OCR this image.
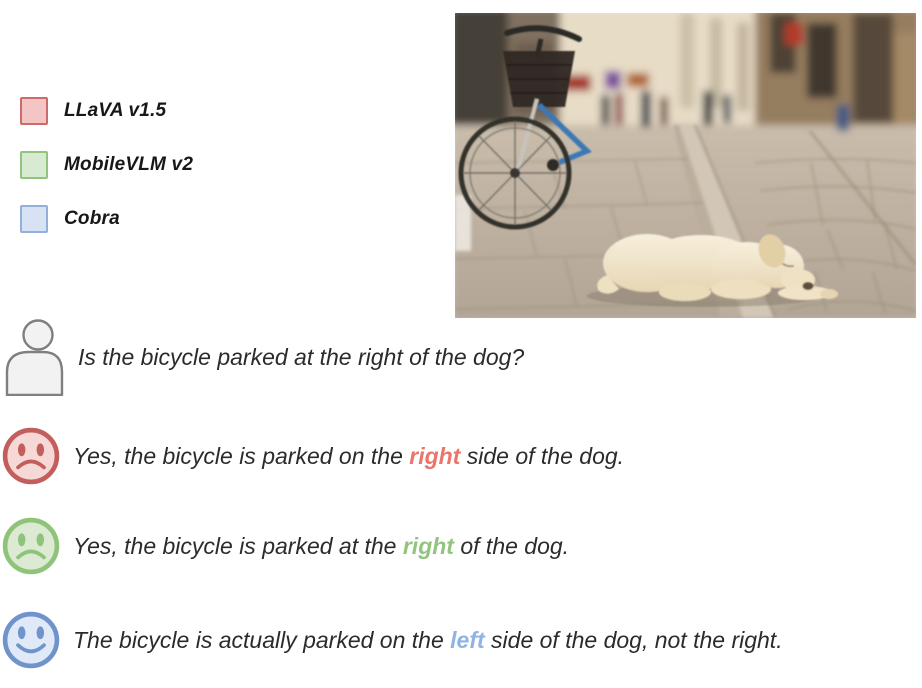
LLaVA v1.5
MobileVLM v2
Cobra
Is the bicycle parked at the right of the dog?
Yes, the bicycle is parked on the right side of the dog.
Yes, the bicycle is parked at the right of the dog.
The bicycle is actually parked on the left side of the dog, not the right.
